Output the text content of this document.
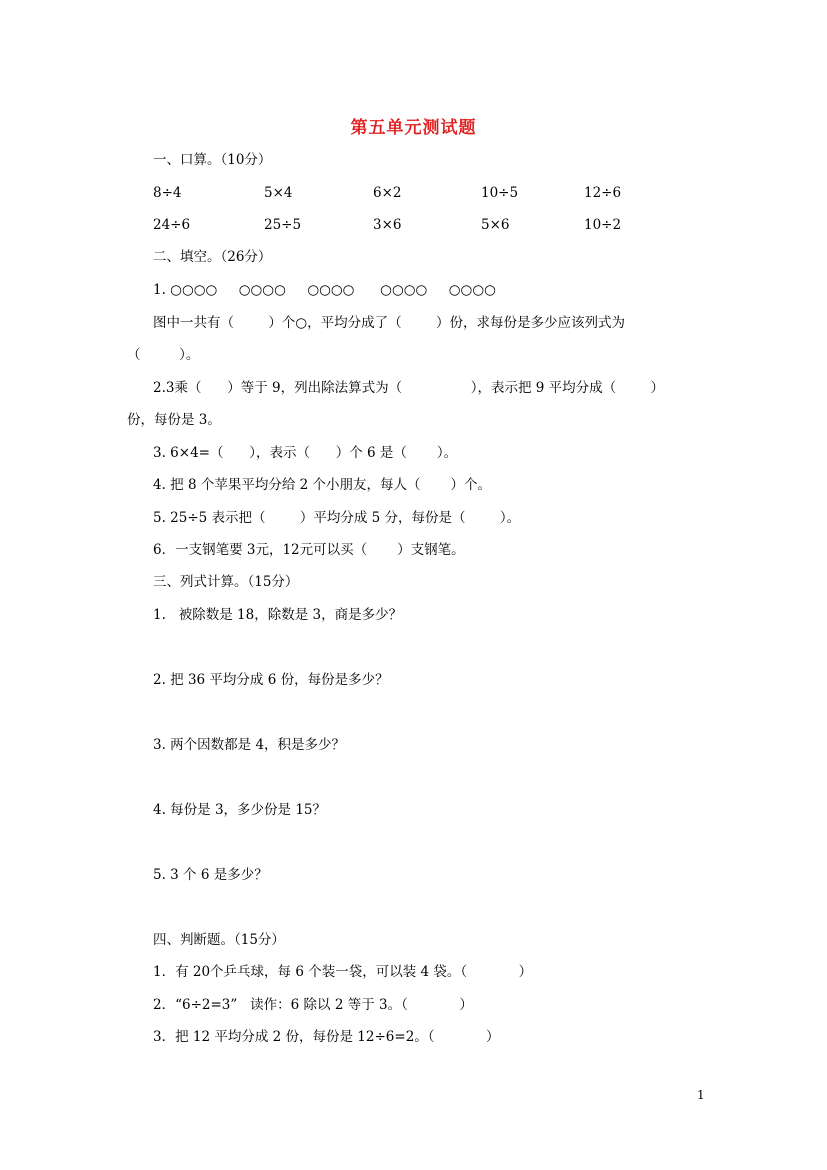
第五单元测试题
一、口算。（10分）
8÷4	5×4	6×2	10÷5	12÷6
24÷6	25÷5	3×6	5×6	10÷2
二、填空。（26分）
1. ○○○○     ○○○○     ○○○○      ○○○○     ○○○○
图中一共有（        ）个○，平均分成了（        ）份，求每份是多少应该列式为
（         ）。
2.3乘（      ）等于 9，列出除法算式为（                ），表示把 9 平均分成（        ）
份，每份是 3。
3. 6×4=（      ），表示（      ）个 6 是（       ）。
4. 把 8 个苹果平均分给 2 个小朋友，每人（       ）个。
5. 25÷5 表示把（        ）平均分成 5 分，每份是（        ）。
6．一支钢笔要 3元，12元可以买（       ）支钢笔。
三、列式计算。（15分）
1.   被除数是 18，除数是 3，商是多少？
2. 把 36 平均分成 6 份，每份是多少？
3. 两个因数都是 4，积是多少？
4. 每份是 3，多少份是 15？
5. 3 个 6 是多少？
四、判断题。（15分）
1．有 20个乒乓球，每 6 个装一袋，可以装 4 袋。（            ）
2．“6÷2=3”   读作：6 除以 2 等于 3。（            ）
3．把 12 平均分成 2 份，每份是 12÷6=2。（            ）
1
